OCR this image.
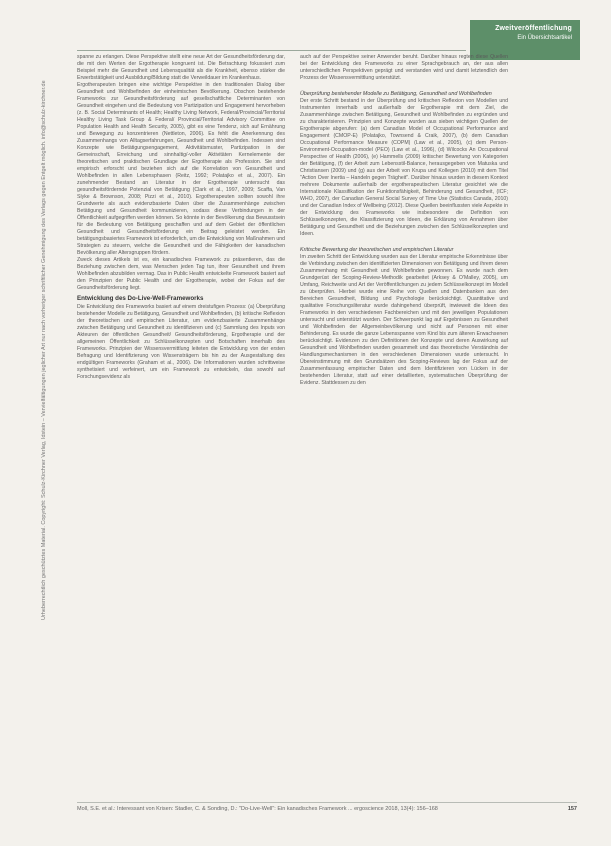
Zweitveröffentlichung
Ein Übersichtsartikel
Urheberrechtlich geschütztes Material. Copyright: Schulz-Kirchner Verlag, Idstein – Vervielfältigungen jeglicher Art nur nach vorheriger schriftlicher Genehmigung des Verlags gegen Entgelt möglich. info@schulz-kirchner.de

spanne zu erlangen. Diese Perspektive stellt eine neue Art der Gesundheitsförderung dar, die mit den Werten der Ergotherapie kongruent ist. Die Betrachtung fokussiert zum Beispiel mehr die Gesundheit und Lebensqualität als die Krankheit, ebenso stärker die Erwerbstätigkeit und Ausbildung/Bildung statt die Verweildauer im Krankenhaus.

Ergotherapeuten bringen eine wichtige Perspektive in den traditionalen Dialog über Gesundheit und Wohlbefinden der einheimischen Bevölkerung. Obschon bestehende Frameworks zur Gesundheitsförderung auf gesellschaftliche Determinanten von Gesundheit eingehen und die Bedeutung von Partizipation und Engagement hervorheben (z. B. Social Determinants of Health; Healthy Living Network, Federal/Provincial/Territorial Healthy Living Task Group & Federal/ Provincial/Territorial Advisory Committee on Population Health and Health Security, 2005), gibt es eine Tendenz, sich auf Ernährung und Bewegung zu konzentrieren (Nettleton, 2006). Es fehlt die Anerkennung des Zusammenhangs von Alltagserfahrungen, Gesundheit und Wohlbefinden. Indessen sind Konzepte wie Betätigungsengagement, Aktivitätsmuster, Partizipation in der Gemeinschaft, Erreichung und sinnhaltig/-voller Aktivitäten Kernelemente der theoretischen und praktischen Grundlage der Ergotherapie als Profession. Sie sind empirisch erforscht und beziehen sich auf die Korrelation von Gesundheit und Wohlbefinden in allen Lebensphasen (Reitz, 1992; Polatajko et al., 2007). Ein zunehmender Bestand an Literatur in der Ergotherapie untersucht das gesundheitsfördernde Potenzial von Betätigung (Clark et al., 1997, 2009; Scaffa, Van Slyke & Brownson, 2008; Pizzi et al., 2010). Ergotherapeuten sollten sowohl ihre Grundwerte als auch evidenzbasierte Daten über die Zusammenhänge zwischen Betätigung und Gesundheit kommunizieren, sodass diese Verbindungen in der Öffentlichkeit aufgegriffen werden können. So könnte in der Bevölkerung das Bewusstsein für die Bedeutung von Betätigung geschaffen und auf dem Gebiet der öffentlichen Gesundheit und Gesundheitsförderung ein Beitrag geleistet werden. Ein betätigungsbasiertes Framework ist erforderlich, um die Entwicklung von Maßnahmen und Strategien zu steuern, welche die Gesundheit und die Fähigkeiten der kanadischen Bevölkerung aller Altersgruppen fördern.

Zweck dieses Artikels ist es, ein kanadisches Framework zu präsentieren, das die Beziehung zwischen dem, was Menschen jeden Tag tun, ihrer Gesundheit und ihrem Wohlbefinden abzubilden vermag. Das in Public Health entwickelte Framework basiert auf den Prinzipien der Public Health und der Ergotherapie, wobei der Fokus auf der Gesundheitsförderung liegt.

Entwicklung des Do-Live-Well-Frameworks

Die Entwicklung des Frameworks basiert auf einem dreistufigen Prozess: (a) Überprüfung bestehender Modelle zu Betätigung, Gesundheit und Wohlbefinden, (b) kritische Reflexion der theoretischen und empirischen Literatur, um evidenzbasierte Zusammenhänge zwischen Betätigung und Gesundheit zu identifizieren und (c) Sammlung des Inputs von Akteuren der öffentlichen Gesundheit/ Gesundheitsförderung, Ergotherapie und der allgemeinen Öffentlichkeit zu Schlüsselkonzepten und Botschaften innerhalb des Frameworks. Prinzipien der Wissensvermittlung leiteten die Entwicklung von der ersten Befragung und Identifizierung von Wissensträgern bis hin zu der Ausgestaltung des endgültigen Frameworks (Graham et al., 2006). Die Informationen wurden schrittweise synthetisiert und verfeinert, um ein Framework zu entwickeln, das sowohl auf Forschungsevidenz als

auch auf der Perspektive seiner Anwender beruht. Darüber hinaus regten diese Quellen bei der Entwicklung des Frameworks zu einer Sprachgebrauch an, der aus allen unterschiedlichen Perspektiven geprägt und verstanden wird und damit letztendlich den Prozess der Wissensvermittlung unterstützt.

Überprüfung bestehender Modelle zu Betätigung, Gesundheit und Wohlbefinden

Der erste Schritt bestand in der Überprüfung und kritischen Reflexion von Modellen und Instrumenten innerhalb und außerhalb der Ergotherapie mit dem Ziel, die Zusammenhänge zwischen Betätigung, Gesundheit und Wohlbefinden zu ergründen und zu charakterisieren. Prinzipien und Konzepte wurden aus sieben wichtigen Quellen der Ergotherapie abgerufen: (a) dem Canadian Model of Occupational Performance and Engagement (CMOP-E) (Polatajko, Townsend & Craik, 2007), (b) dem Canadian Occupational Performance Measure (COPM) (Law et al., 2005), (c) dem Person-Environment-Occupation-model (PEO) (Law et al., 1996), (d) Wilcocks An Occupational Perspective of Health (2006), (e) Hammells (2009) kritischer Bewertung von Kategorien der Betätigung, (f) der Arbeit zum Lebensstil-Balance, herausgegeben von Matuska und Christiansen (2009) und (g) aus der Arbeit von Krupa und Kollegen (2010) mit dem Titel "Action Over Inertia – Handeln gegen Trägheit". Darüber hinaus wurden in diesem Kontext mehrere Dokumente außerhalb der ergotherapeutischen Literatur gesichtet wie die Internationale Klassifikation der Funktionsfähigkeit, Behinderung und Gesundheit, (ICF; WHO, 2007), der Canadian General Social Survey of Time Use (Statistics Canada, 2010) und der Canadian Index of Wellbeing (2012). Diese Quellen beeinflussten viele Aspekte in der Entwicklung des Frameworks wie insbesondere die Definition von Schlüsselkonzepten, die Klassifizierung von Ideen, die Erklärung von Annahmen über Betätigung und Gesundheit und die Beziehungen zwischen den Schlüsselkonzepten und Ideen.

Kritische Bewertung der theoretischen und empirischen Literatur

Im zweiten Schritt der Entwicklung wurden aus der Literatur empirische Erkenntnisse über die Verbindung zwischen den identifizierten Dimensionen von Betätigung und ihrem deren Zusammenhang mit Gesundheit und Wohlbefinden gewonnen. Es wurde nach dem Grundgerüst der Scoping-Review-Methodik gearbeitet (Arksey & O'Malley, 2005), um Umfang, Reichweite und Art der Veröffentlichungen zu jedem Schlüsselkonzept im Modell zu überprüfen. Hierbei wurde eine Reihe von Quellen und Datenbanken aus den Bereichen Gesundheit, Bildung und Psychologie berücksichtigt. Quantitative und qualitative Forschungsliteratur wurde dahingehend überprüft, inwieweit die Ideen des Frameworks in den verschiedenen Fachbereichen und mit den jeweiligen Populationen untersucht und unterstützt wurden. Der Schwerpunkt lag auf Ergebnissen zu Gesundheit und Wohlbefinden der Allgemeinbevölkerung und nicht auf Personen mit einer Behinderung. Es wurde die ganze Lebensspanne vom Kind bis zum älteren Erwachsenen berücksichtigt. Evidenzen zu den Definitionen der Konzepte und deren Auswirkung auf Gesundheit und Wohlbefinden wurden gesammelt und das theoretische Verständnis der Handlungsmechanismen in den verschiedenen Dimensionen wurde untersucht. In Übereinstimmung mit den Grundsätzen des Scoping-Reviews lag der Fokus auf der Zusammenfassung empirischer Daten und dem Identifizieren von Lücken in der bestehenden Literatur, statt auf einer detaillierten, systematischen Überprüfung der Evidenz. Stattdessen zu den

Moll, S.E. et al.: Interessant von Krisen: Stadler, C. & Sonding, D.: "Do-Live-Well": Ein kanadisches Framework ... ergoscience 2018, 13(4): 156–168	157
